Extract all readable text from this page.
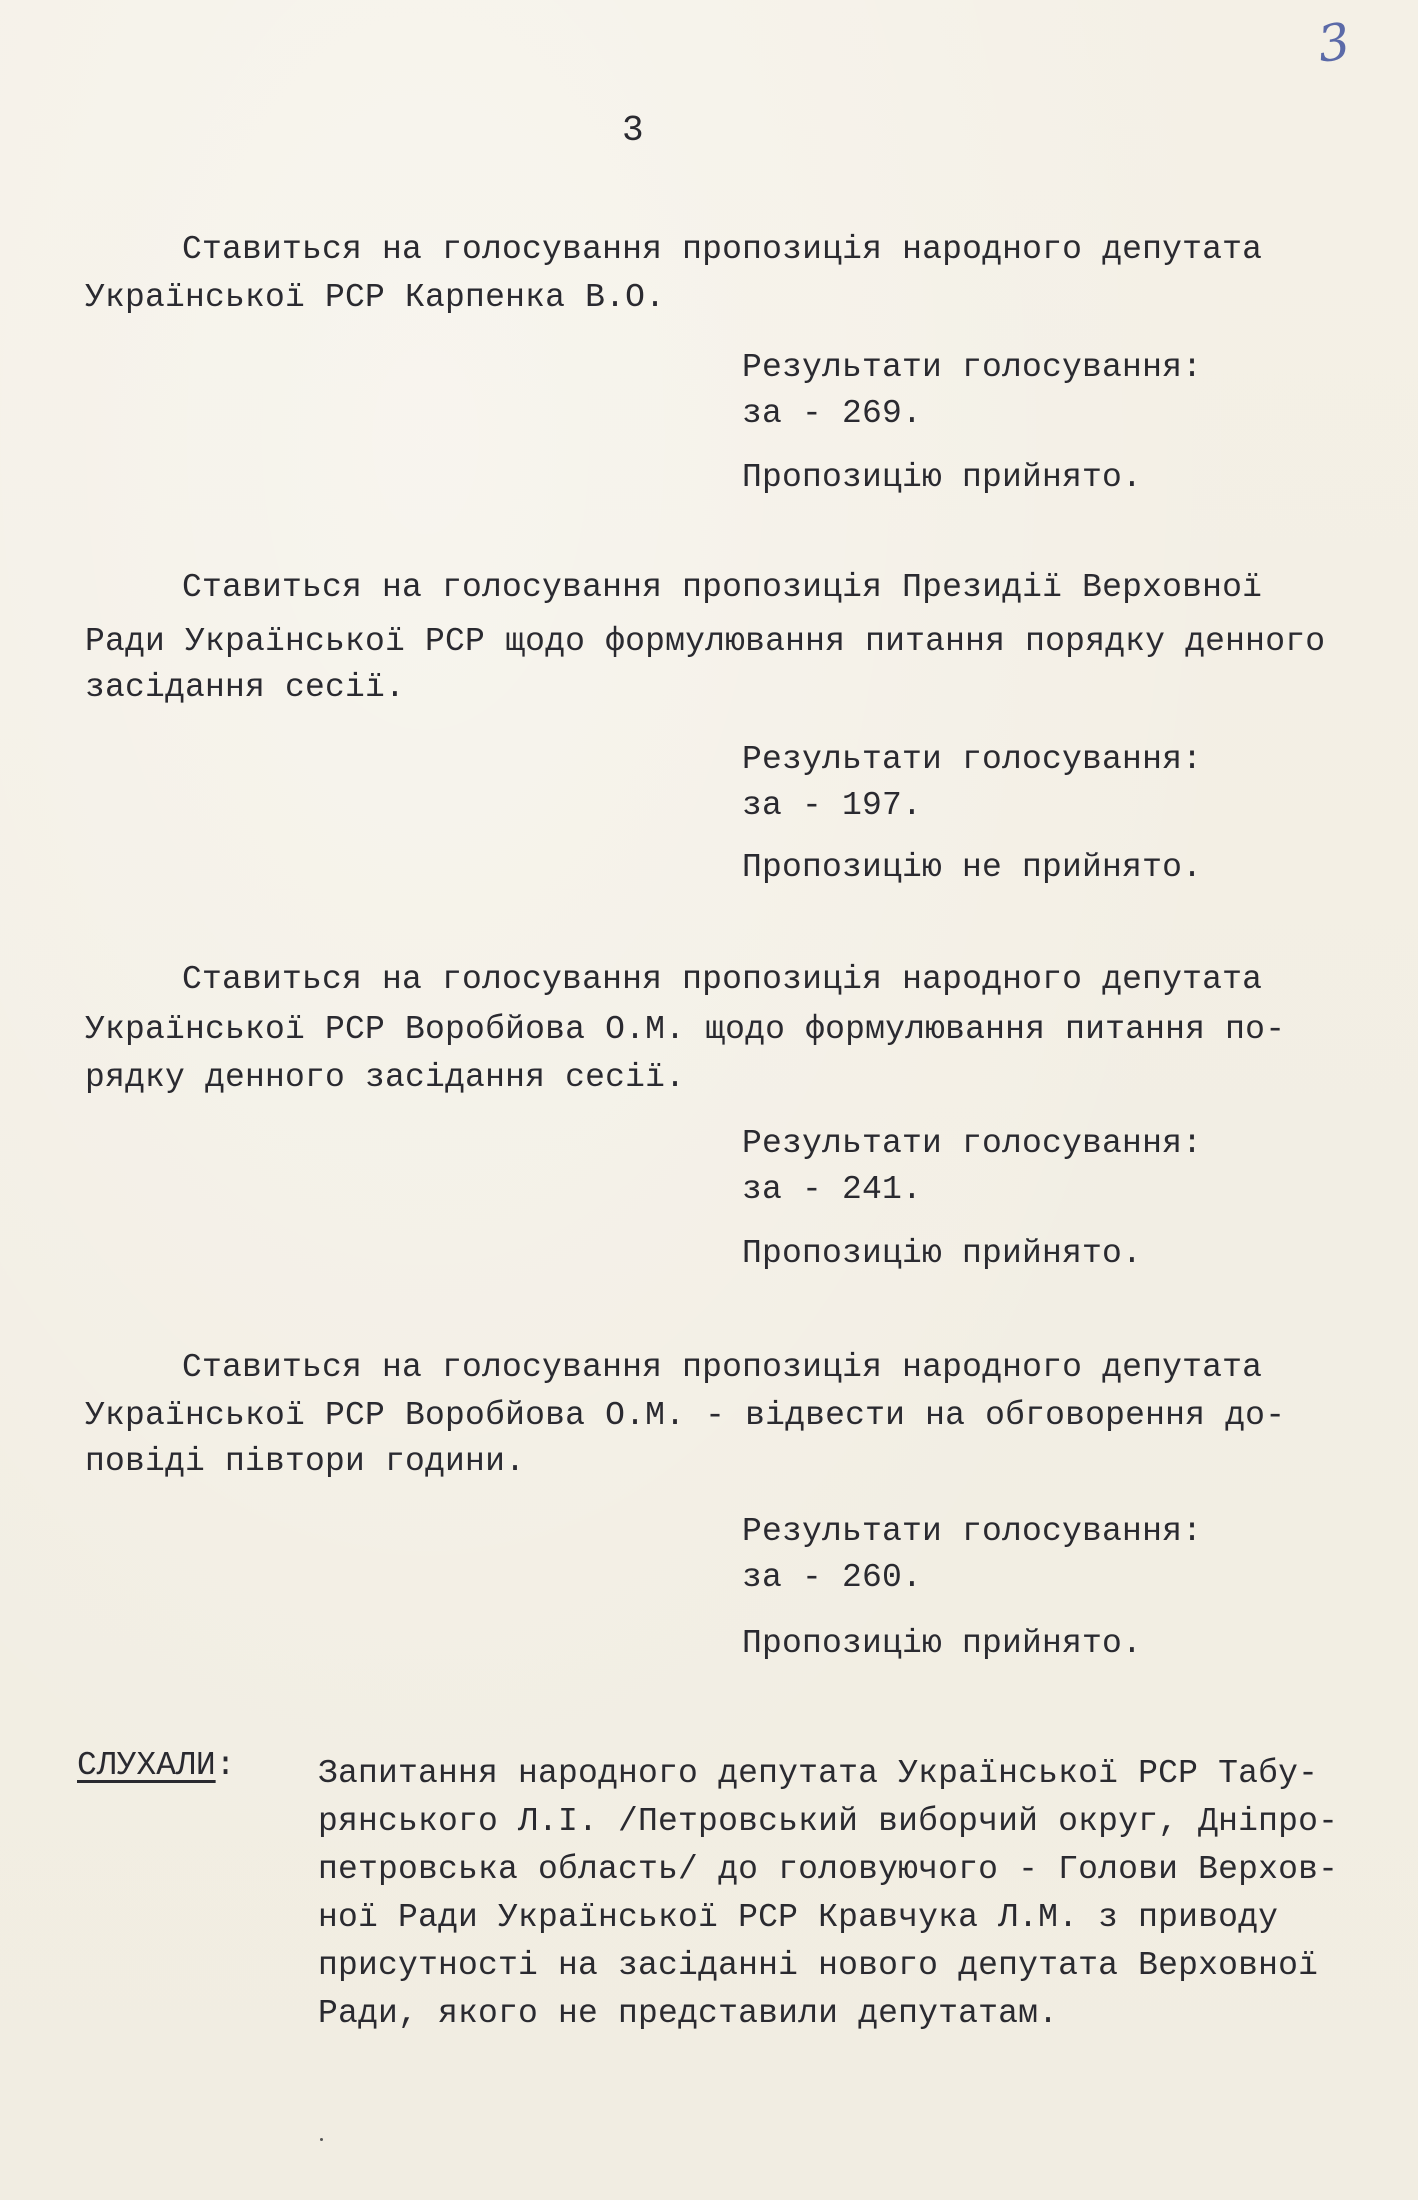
3
3
Ставиться на голосування пропозиція народного депутата
Української РСР Карпенка В.О.
Результати голосування:
за - 269.
Пропозицію прийнято.
Ставиться на голосування пропозиція Президії Верховної
Ради Української РСР щодо формулювання питання порядку денного
засідання сесії.
Результати голосування:
за - 197.
Пропозицію не прийнято.
Ставиться на голосування пропозиція народного депутата
Української РСР Воробйова О.М. щодо формулювання питання по-
рядку денного засідання сесії.
Результати голосування:
за - 241.
Пропозицію прийнято.
Ставиться на голосування пропозиція народного депутата
Української РСР Воробйова О.М. - відвести на обговорення до-
повіді півтори години.
Результати голосування:
за - 260.
Пропозицію прийнято.
СЛУХАЛИ:	Запитання народного депутата Української РСР Табу-
рянського Л.І. /Петровський виборчий округ, Дніпро-
петровська область/ до головуючого - Голови Верхов-
ної Ради Української РСР Кравчука Л.М. з приводу
присутності на засіданні нового депутата Верховної
Ради, якого не представили депутатам.
